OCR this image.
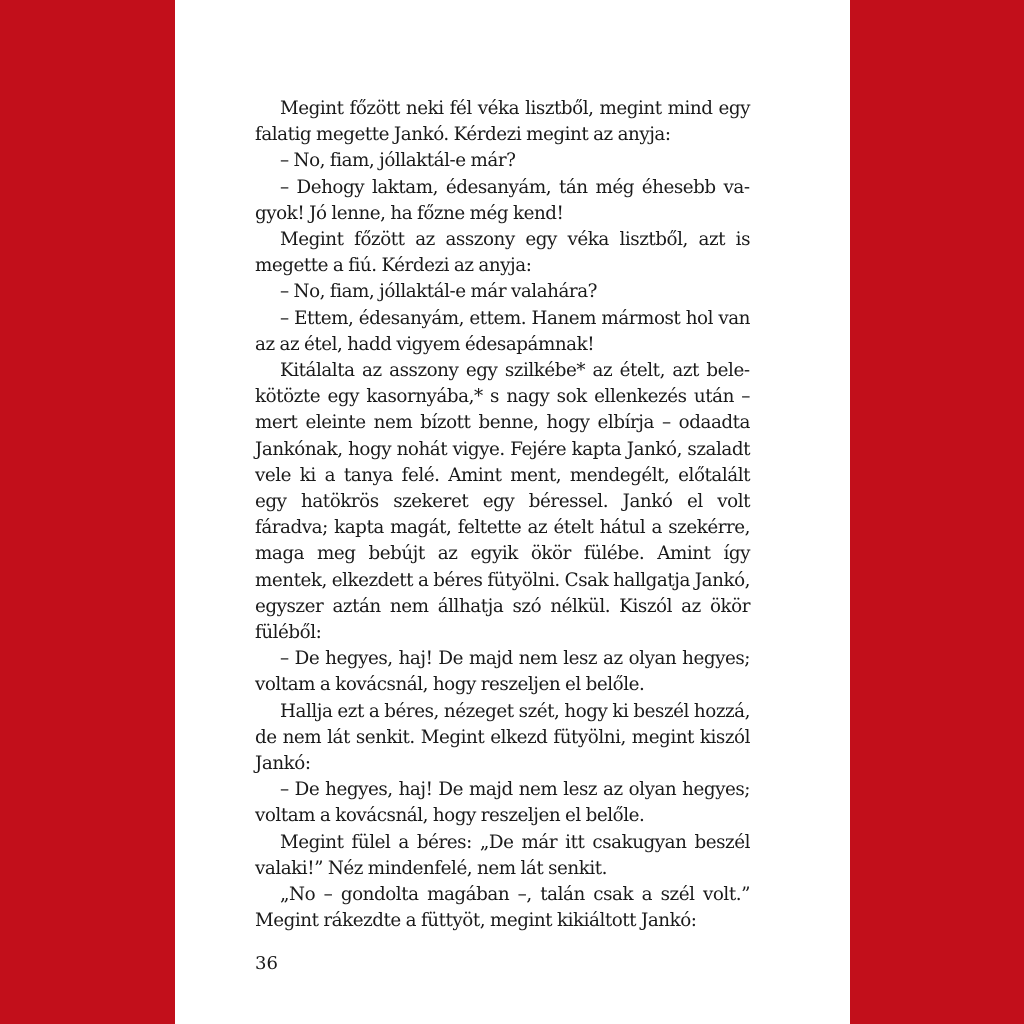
Megint főzött neki fél véka lisztből, megint mind egy falatig megette Jankó. Kérdezi megint az anyja:

– No, fiam, jóllaktál-e már?

– Dehogy laktam, édesanyám, tán még éhesebb vagyok! Jó lenne, ha főzne még kend!

Megint főzött az asszony egy véka lisztből, azt is megette a fiú. Kérdezi az anyja:

– No, fiam, jóllaktál-e már valahára?

– Ettem, édesanyám, ettem. Hanem mármost hol van az az étel, hadd vigyem édesapámnak!

Kitálalta az asszony egy szilkébe* az ételt, azt belekötözte egy kasornyába,* s nagy sok ellenkezés után – mert eleinte nem bízott benne, hogy elbírja – odaadta Jankónak, hogy nohát vigye. Fejére kapta Jankó, szaladt vele ki a tanya felé. Amint ment, mendegélt, előtalált egy hatökrös szekeret egy béressel. Jankó el volt fáradva; kapta magát, feltette az ételt hátul a szekérre, maga meg bebújt az egyik ökör fülébe. Amint így mentek, elkezdett a béres fütyölni. Csak hallgatja Jankó, egyszer aztán nem állhatja szó nélkül. Kiszól az ökör füléből:

– De hegyes, haj! De majd nem lesz az olyan hegyes; voltam a kovácsnál, hogy reszeljen el belőle.

Hallja ezt a béres, nézeget szét, hogy ki beszél hozzá, de nem lát senkit. Megint elkezd fütyölni, megint kiszól Jankó:

– De hegyes, haj! De majd nem lesz az olyan hegyes; voltam a kovácsnál, hogy reszeljen el belőle.

Megint fülel a béres: „De már itt csakugyan beszél valaki!” Néz mindenfelé, nem lát senkit.

„No – gondolta magában –, talán csak a szél volt.” Megint rákezdte a füttyöt, megint kikiáltott Jankó:

36
